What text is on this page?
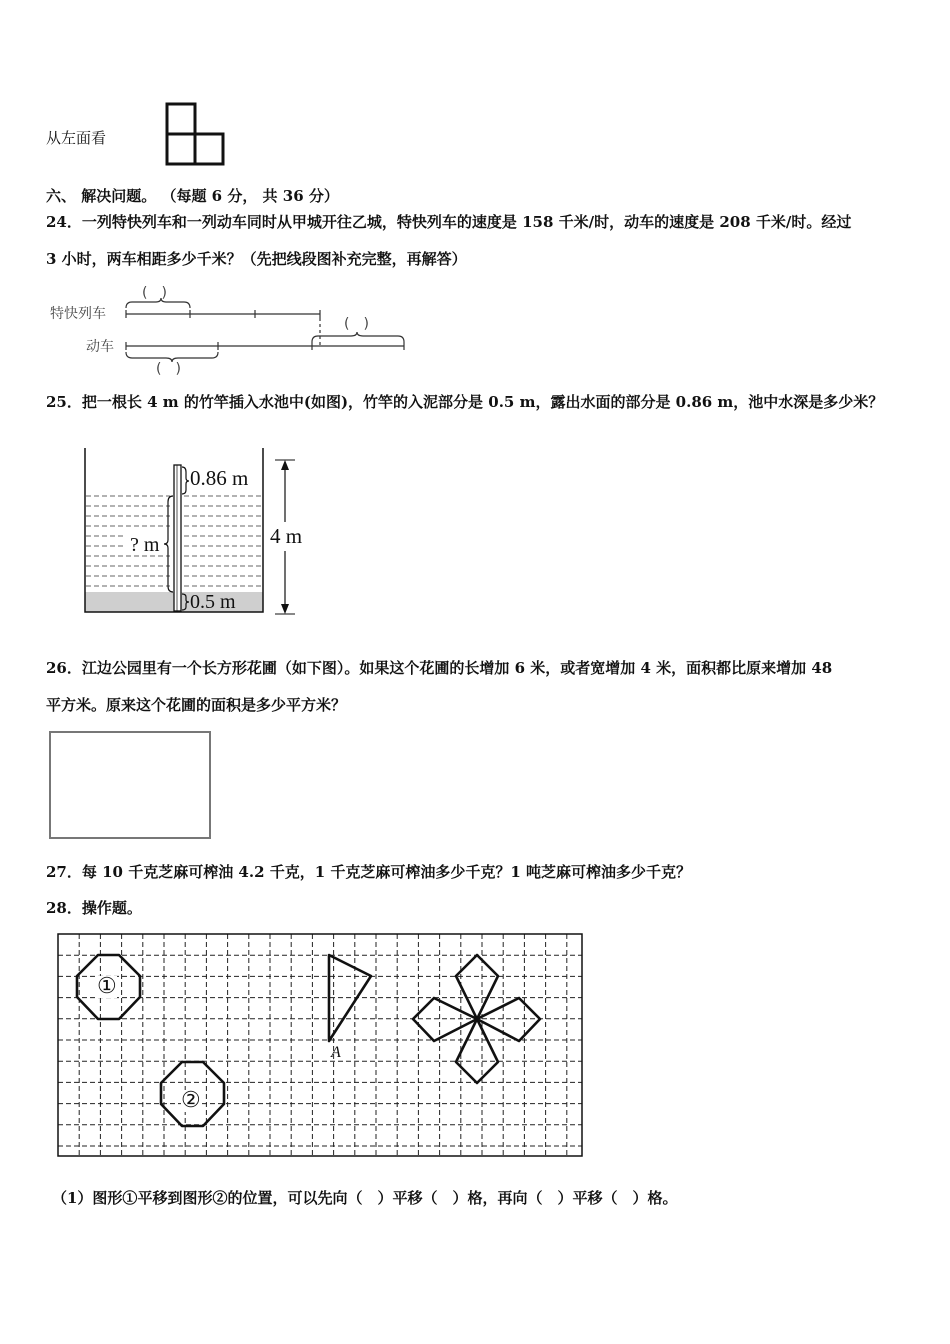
从左面看
六、 解决问题。 （每题 6 分， 共 36 分）
24．一列特快列车和一列动车同时从甲城开往乙城，特快列车的速度是 158 千米/时，动车的速度是 208 千米/时。经过
3 小时，两车相距多少千米？（先把线段图补充完整，再解答）
特快列车
动车
(　)
(　)
(　)
25．把一根长 4 m 的竹竿插入水池中(如图)，竹竿的入泥部分是 0.5 m，露出水面的部分是 0.86 m，池中水深是多少米？
0.86 m
4 m
? m
0.5 m
26．江边公园里有一个长方形花圃（如下图）。如果这个花圃的长增加 6 米，或者宽增加 4 米，面积都比原来增加 48
平方米。原来这个花圃的面积是多少平方米？
27．每 10 千克芝麻可榨油 4.2 千克，1 千克芝麻可榨油多少千克？1 吨芝麻可榨油多少千克？
28．操作题。
①
②
A
（1）图形①平移到图形②的位置，可以先向（　）平移（　）格，再向（　）平移（　）格。
